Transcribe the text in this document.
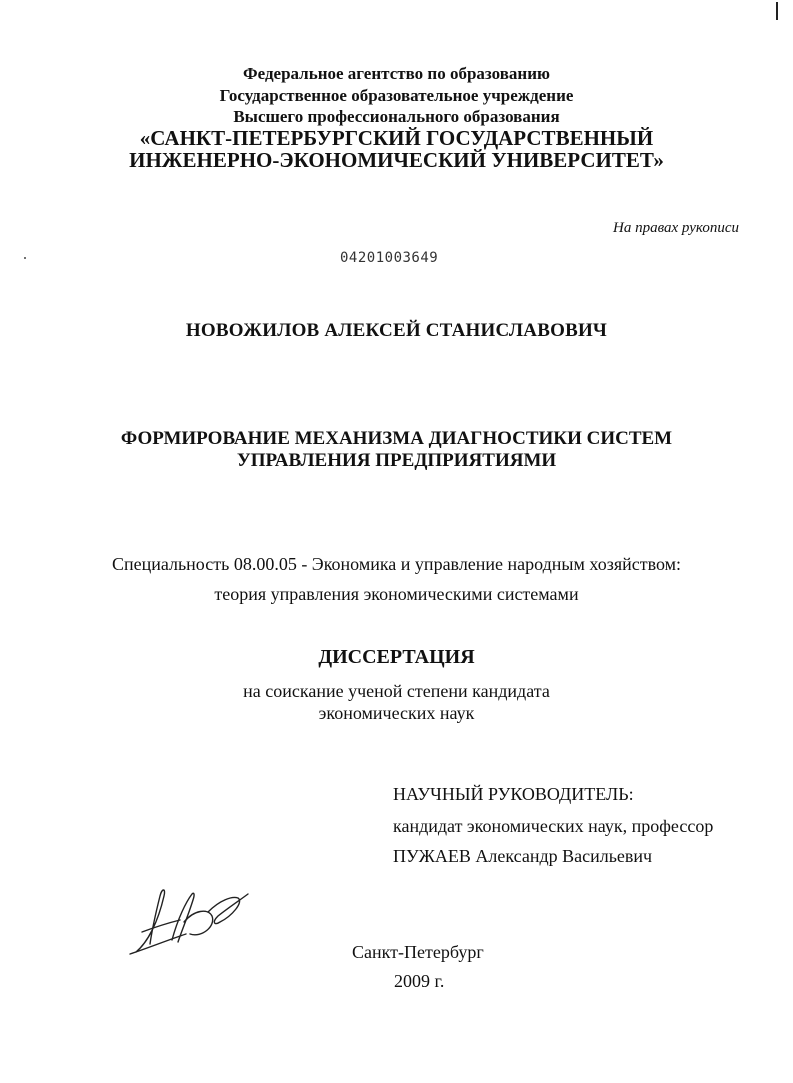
Федеральное агентство по образованию
Государственное образовательное учреждение
Высшего профессионального образования
«САНКТ-ПЕТЕРБУРГСКИЙ ГОСУДАРСТВЕННЫЙ
ИНЖЕНЕРНО-ЭКОНОМИЧЕСКИЙ УНИВЕРСИТЕТ»
На правах рукописи
04201003649
НОВОЖИЛОВ АЛЕКСЕЙ СТАНИСЛАВОВИЧ
ФОРМИРОВАНИЕ МЕХАНИЗМА ДИАГНОСТИКИ СИСТЕМ
УПРАВЛЕНИЯ ПРЕДПРИЯТИЯМИ
Специальность 08.00.05 - Экономика и управление народным хозяйством:
теория управления экономическими системами
ДИССЕРТАЦИЯ
на соискание ученой степени кандидата
экономических наук
НАУЧНЫЙ РУКОВОДИТЕЛЬ:
кандидат экономических наук, профессор
ПУЖАЕВ Александр Васильевич
Санкт-Петербург
2009 г.
